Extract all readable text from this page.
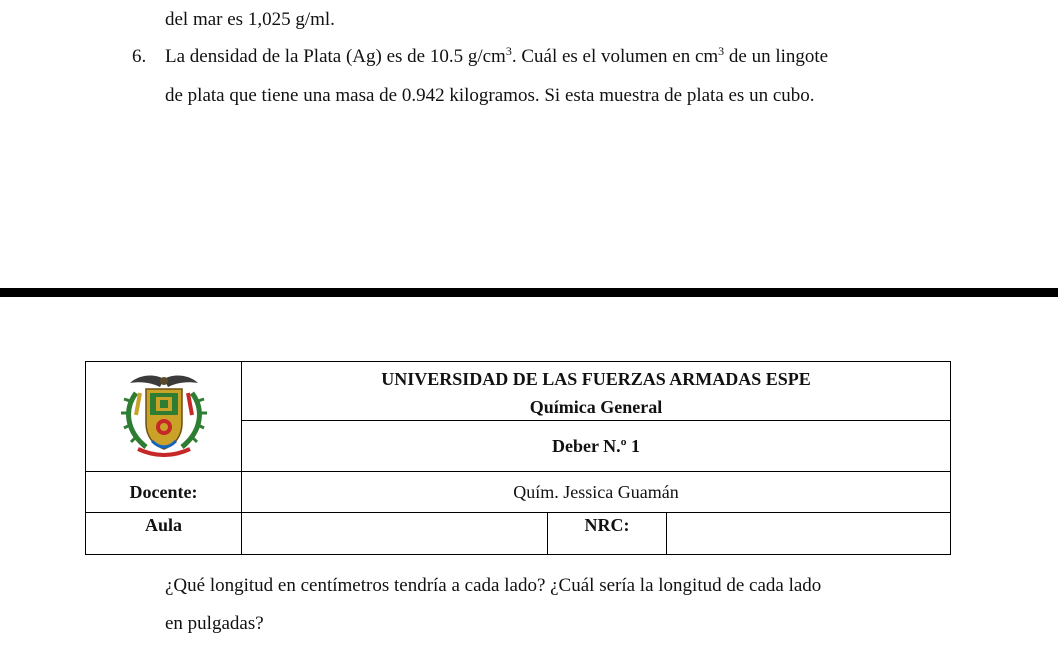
del mar es 1,025 g/ml.
6. La densidad de la Plata (Ag) es de 10.5 $g/cm^3$. Cuál es el volumen en $cm^3$ de un lingote
de plata que tiene una masa de 0.942 kilogramos. Si esta muestra de plata es un cubo.

UNIVERSIDAD DE LAS FUERZAS ARMADAS ESPE
Química General		

	Deber N.º 1		
Docente:	Quím. Jessica Guamán		
Aula		NRC:	
¿Qué longitud en centímetros tendría a cada lado? ¿Cuál sería la longitud de cada lado
en pulgadas?
